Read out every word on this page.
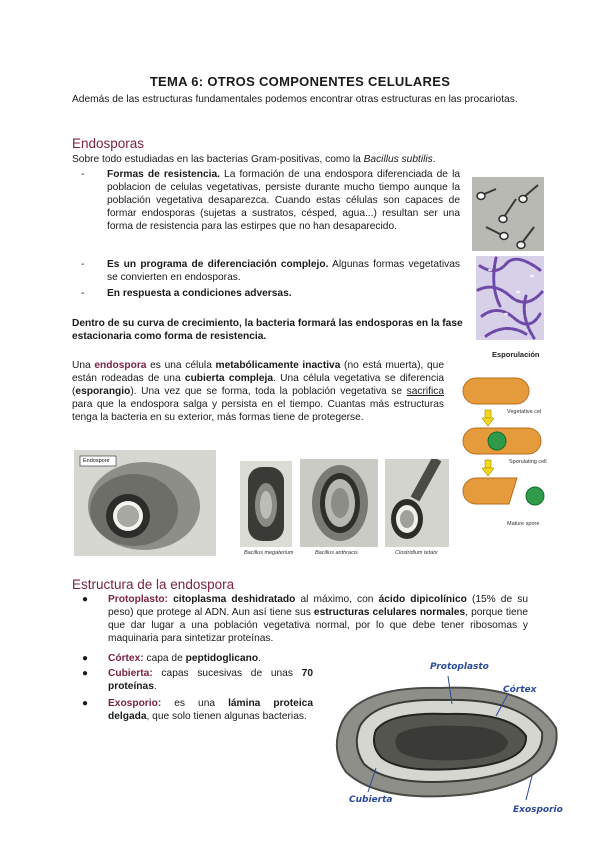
TEMA 6: OTROS COMPONENTES CELULARES
Además de las estructuras fundamentales podemos encontrar otras estructuras en las procariotas.
Endosporas
Sobre todo estudiadas en las bacterias Gram-positivas, como la Bacillus subtilis.
- Formas de resistencia. La formación de una endospora diferenciada de la poblacion de celulas vegetativas, persiste durante mucho tiempo aunque la población vegetativa desaparezca. Cuando estas células son capaces de formar endosporas (sujetas a sustratos, césped, agua...) resultan ser una forma de resistencia para las estirpes que no han desaparecido.
- Es un programa de diferenciación complejo. Algunas formas vegetativas se convierten en endosporas.
- En respuesta a condiciones adversas.
Dentro de su curva de crecimiento, la bacteria formará las endosporas en la fase estacionaria como forma de resistencia.
Una endospora es una célula metabólicamente inactiva (no está muerta), que están rodeadas de una cubierta compleja. Una célula vegetativa se diferencia (esporangio). Una vez que se forma, toda la población vegetativa se sacrifica para que la endospora salga y persista en el tiempo. Cuantas más estructuras tenga la bacteria en su exterior, más formas tiene de protegerse.
Esporulación
Vegetative cel
Sporulating cell
Mature spore
Endospore
Bacillus megaterium	Bacillus anthracis	Clostridium tetani
Estructura de la endospora
● Protoplasto: citoplasma deshidratado al máximo, con ácido dipicolínico (15% de su peso) que protege al ADN. Aun así tiene sus estructuras celulares normales, porque tiene que dar lugar a una población vegetativa normal, por lo que debe tener ribosomas y maquinaria para sintetizar proteínas.
● Córtex: capa de peptidoglicano.
● Cubierta: capas sucesivas de unas 70 proteínas.
● Exosporio: es una lámina proteica delgada, que solo tienen algunas bacterias.
Protoplasto
Córtex
Cubierta
Exosporio
